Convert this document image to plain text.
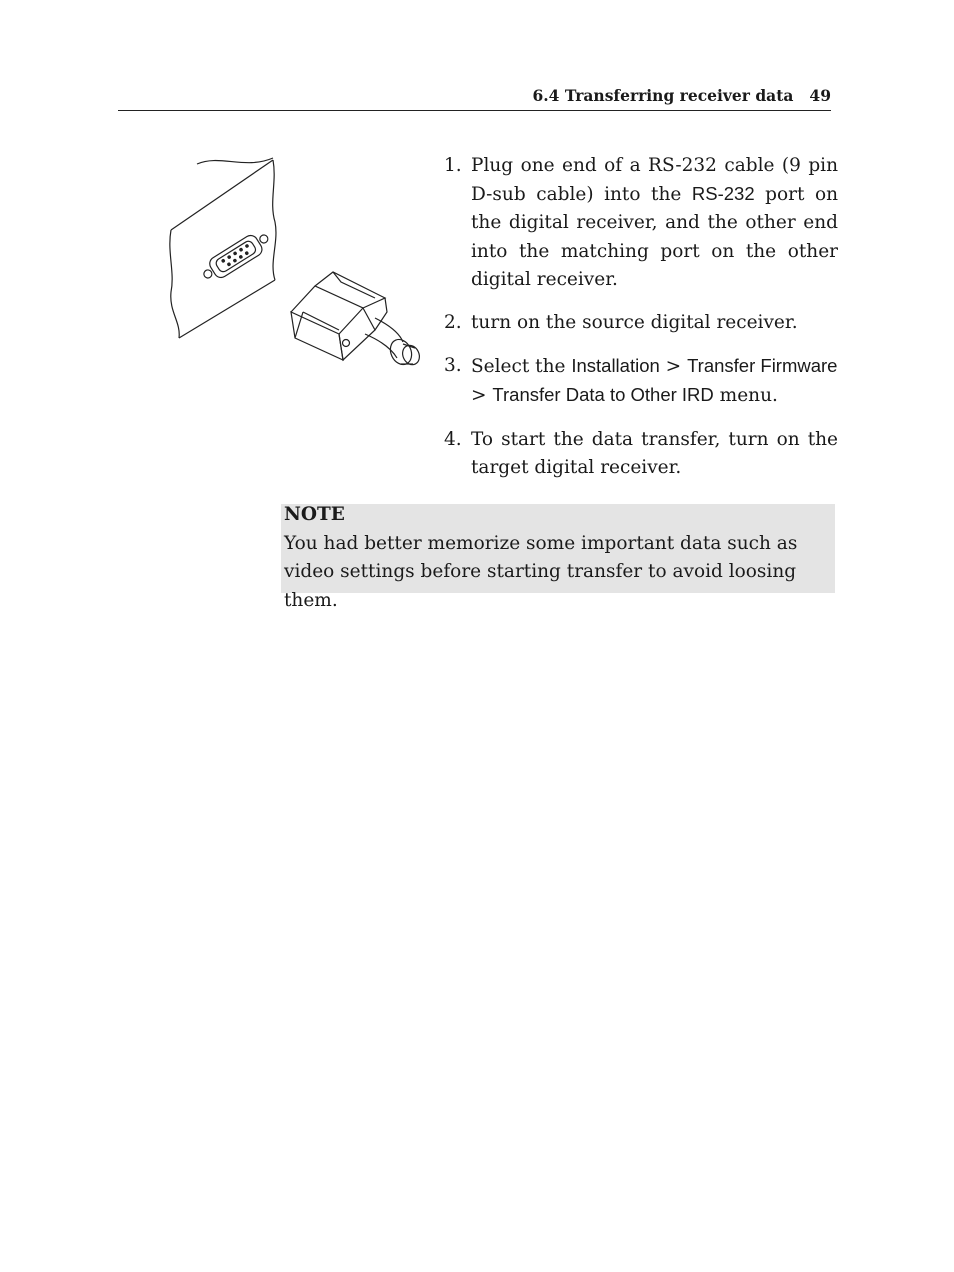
6.4 Transferring receiver data 49
1. Plug one end of a RS-232 cable (9 pin D-sub cable) into the RS-232 port on the digital receiver, and the other end into the matching port on the other digital receiver.
2. turn on the source digital receiver.
3. Select the Installation > Transfer Firmware
> Transfer Data to Other IRD menu.
4. To start the data transfer, turn on the target digital receiver.
NOTE
You had better memorize some important data such as video settings before starting transfer to avoid loosing them.
